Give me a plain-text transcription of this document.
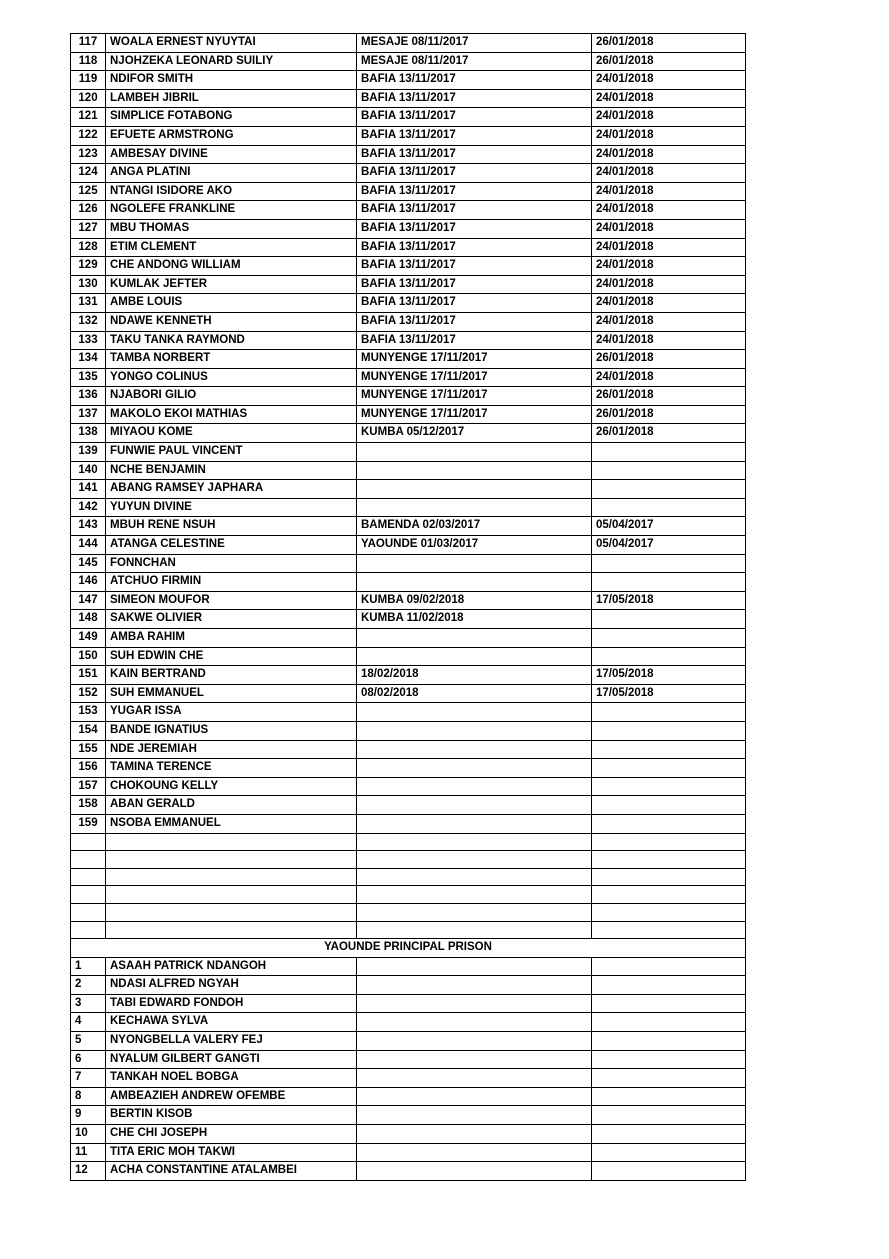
117	WOALA ERNEST NYUYTAI	MESAJE 08/11/2017	26/01/2018
118	NJOHZEKA LEONARD SUILIY	MESAJE 08/11/2017	26/01/2018
119	NDIFOR SMITH	BAFIA 13/11/2017	24/01/2018
120	LAMBEH JIBRIL	BAFIA 13/11/2017	24/01/2018
121	SIMPLICE FOTABONG	BAFIA 13/11/2017	24/01/2018
122	EFUETE ARMSTRONG	BAFIA 13/11/2017	24/01/2018
123	AMBESAY DIVINE	BAFIA 13/11/2017	24/01/2018
124	ANGA PLATINI	BAFIA 13/11/2017	24/01/2018
125	NTANGI ISIDORE AKO	BAFIA 13/11/2017	24/01/2018
126	NGOLEFE FRANKLINE	BAFIA 13/11/2017	24/01/2018
127	MBU THOMAS	BAFIA 13/11/2017	24/01/2018
128	ETIM CLEMENT	BAFIA 13/11/2017	24/01/2018
129	CHE ANDONG WILLIAM	BAFIA 13/11/2017	24/01/2018
130	KUMLAK JEFTER	BAFIA 13/11/2017	24/01/2018
131	AMBE LOUIS	BAFIA 13/11/2017	24/01/2018
132	NDAWE KENNETH	BAFIA 13/11/2017	24/01/2018
133	TAKU TANKA RAYMOND	BAFIA 13/11/2017	24/01/2018
134	TAMBA NORBERT	MUNYENGE 17/11/2017	26/01/2018
135	YONGO COLINUS	MUNYENGE 17/11/2017	24/01/2018
136	NJABORI GILIO	MUNYENGE 17/11/2017	26/01/2018
137	MAKOLO EKOI MATHIAS	MUNYENGE 17/11/2017	26/01/2018
138	MIYAOU KOME	KUMBA 05/12/2017	26/01/2018
139	FUNWIE PAUL VINCENT		
140	NCHE BENJAMIN		
141	ABANG RAMSEY JAPHARA		
142	YUYUN DIVINE		
143	MBUH RENE NSUH	BAMENDA 02/03/2017	05/04/2017
144	ATANGA CELESTINE	YAOUNDE 01/03/2017	05/04/2017
145	FONNCHAN		
146	ATCHUO FIRMIN		
147	SIMEON MOUFOR	KUMBA 09/02/2018	17/05/2018
148	SAKWE OLIVIER	KUMBA 11/02/2018	
149	AMBA RAHIM		
150	SUH EDWIN CHE		
151	KAIN BERTRAND	18/02/2018	17/05/2018
152	SUH EMMANUEL	08/02/2018	17/05/2018
153	YUGAR ISSA		
154	BANDE IGNATIUS		
155	NDE JEREMIAH		
156	TAMINA TERENCE		
157	CHOKOUNG KELLY		
158	ABAN GERALD		
159	NSOBA EMMANUEL		

YAOUNDE PRINCIPAL PRISON			
1	ASAAH PATRICK NDANGOH		
2	NDASI ALFRED NGYAH		
3	TABI EDWARD FONDOH		
4	KECHAWA SYLVA		
5	NYONGBELLA VALERY FEJ		
6	NYALUM GILBERT GANGTI		
7	TANKAH NOEL BOBGA		
8	AMBEAZIEH ANDREW OFEMBE		
9	BERTIN KISOB		
10	CHE CHI JOSEPH		
11	TITA ERIC MOH TAKWI		
12	ACHA CONSTANTINE ATALAMBEI		
